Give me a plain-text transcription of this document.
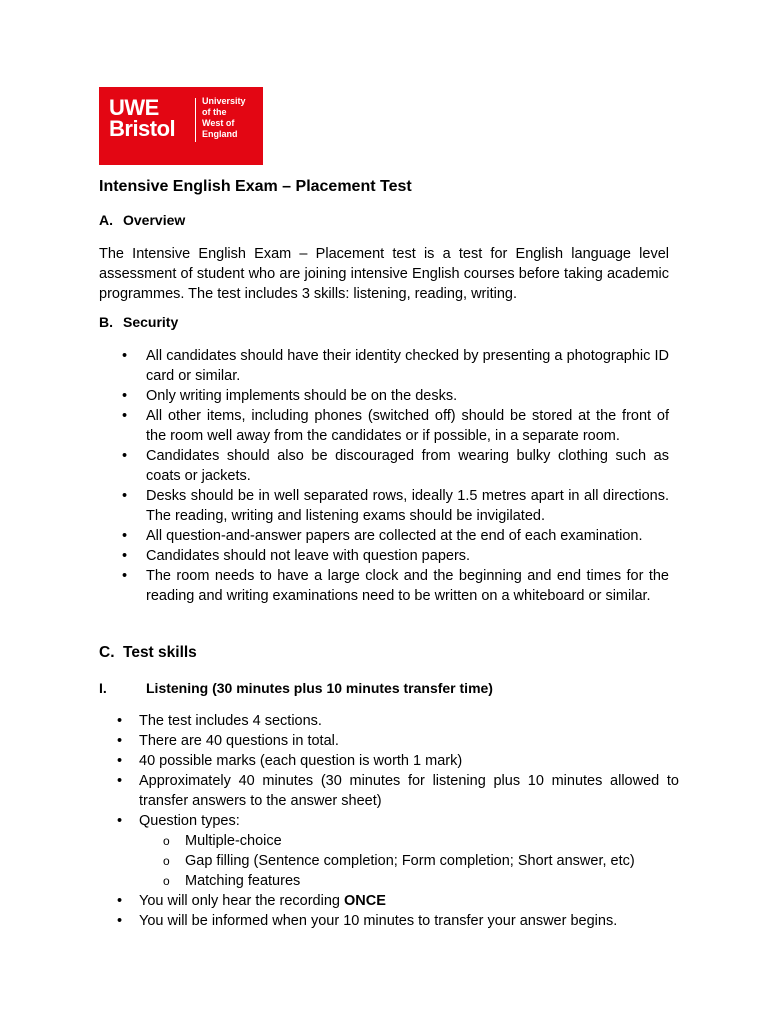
UWE
Bristol
University
of the
West of
England
Intensive English Exam – Placement Test
A. Overview

The Intensive English Exam – Placement test is a test for English language level assessment of student who are joining intensive English courses before taking academic programmes. The test includes 3 skills: listening, reading, writing.

B. Security
• All candidates should have their identity checked by presenting a photographic ID card or similar.
• Only writing implements should be on the desks.
• All other items, including phones (switched off) should be stored at the front of the room well away from the candidates or if possible, in a separate room.
• Candidates should also be discouraged from wearing bulky clothing such as coats or jackets.
• Desks should be in well separated rows, ideally 1.5 metres apart in all directions. The reading, writing and listening exams should be invigilated.
• All question-and-answer papers are collected at the end of each examination.
• Candidates should not leave with question papers.
• The room needs to have a large clock and the beginning and end times for the reading and writing examinations need to be written on a whiteboard or similar.
C. Test skills
I.	Listening (30 minutes plus 10 minutes transfer time)
• The test includes 4 sections.
• There are 40 questions in total.
• 40 possible marks (each question is worth 1 mark)
• Approximately 40 minutes (30 minutes for listening plus 10 minutes allowed to transfer answers to the answer sheet)
• Question types:
o Multiple-choice
o Gap filling (Sentence completion; Form completion; Short answer, etc)
o Matching features
• You will only hear the recording ONCE
• You will be informed when your 10 minutes to transfer your answer begins.
